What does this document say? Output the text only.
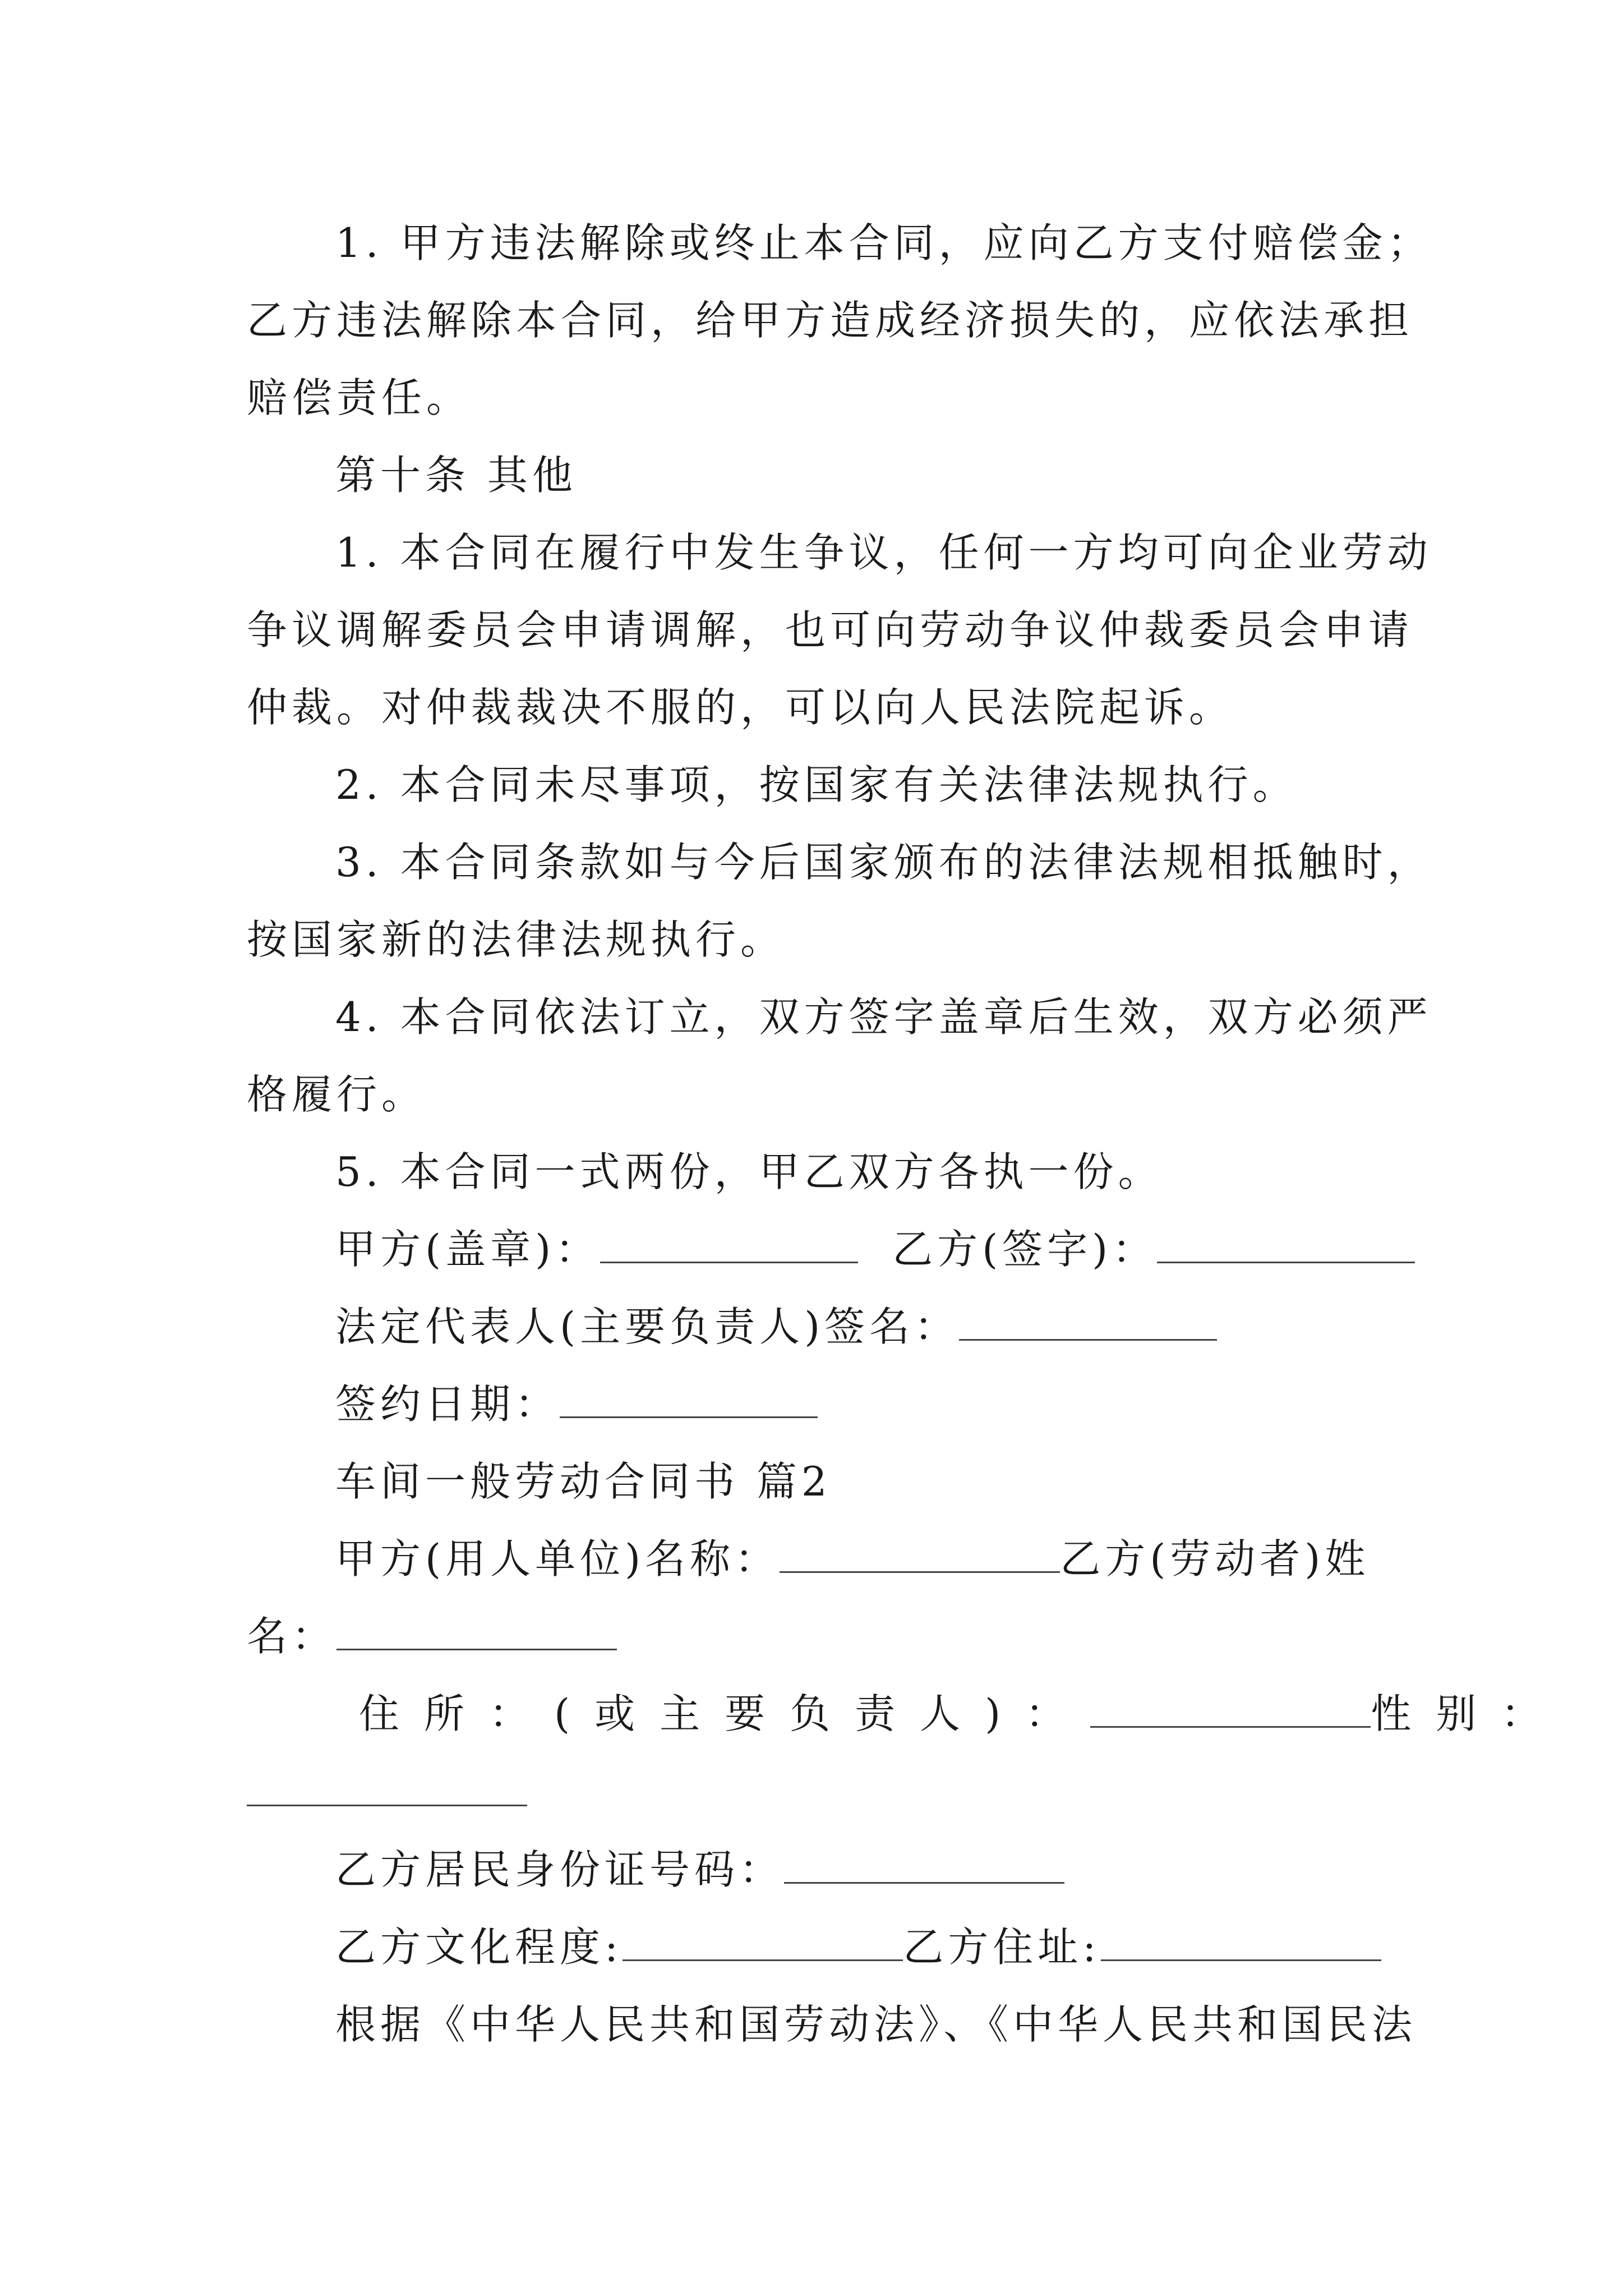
1. 甲方违法解除或终止本合同，应向乙方支付赔偿金；
乙方违法解除本合同，给甲方造成经济损失的，应依法承担
赔偿责任。
第十条 其他
1. 本合同在履行中发生争议，任何一方均可向企业劳动
争议调解委员会申请调解，也可向劳动争议仲裁委员会申请
仲裁。对仲裁裁决不服的，可以向人民法院起诉。
2. 本合同未尽事项，按国家有关法律法规执行。
3. 本合同条款如与今后国家颁布的法律法规相抵触时，
按国家新的法律法规执行。
4. 本合同依法订立，双方签字盖章后生效，双方必须严
格履行。
5. 本合同一式两份，甲乙双方各执一份。
甲方(盖章)：	乙方(签字)：
法定代表人(主要负责人)签名：
签约日期：
车间一般劳动合同书 篇2
甲方(用人单位)名称：	乙方(劳动者)姓
名：
住所：(或主要负责人)：	性别：
乙方居民身份证号码：
乙方文化程度:	乙方住址:
根据《中华人民共和国劳动法》、《中华人民共和国民法
